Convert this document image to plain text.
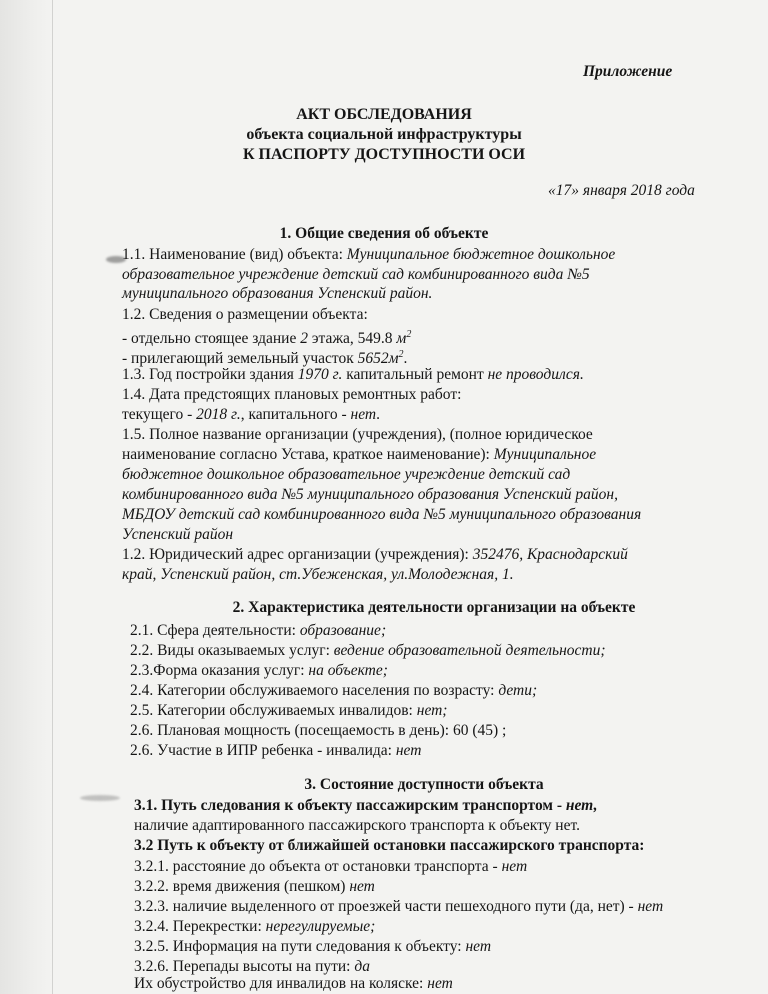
Приложение
АКТ ОБСЛЕДОВАНИЯ
объекта социальной инфраструктуры
К ПАСПОРТУ ДОСТУПНОСТИ ОСИ
«17» января 2018 года
1. Общие сведения об объекте
1.1. Наименование (вид) объекта: Муниципальное бюджетное дошкольное
образовательное учреждение детский сад комбинированного вида №5
муниципального образования Успенский район.
1.2. Сведения о размещении объекта:
- отдельно стоящее здание 2 этажа, 549.8 $м^2$
- прилегающий земельный участок $5652м^2$.
1.3. Год постройки здания 1970 г. капитальный ремонт не проводился.
1.4. Дата предстоящих плановых ремонтных работ:
текущего - 2018 г., капитального - нет.
1.5. Полное название организации (учреждения), (полное юридическое
наименование согласно Устава, краткое наименование): Муниципальное
бюджетное дошкольное образовательное учреждение детский сад
комбинированного вида №5 муниципального образования Успенский район,
МБДОУ детский сад комбинированного вида №5 муниципального образования
Успенский район
1.2. Юридический адрес организации (учреждения): 352476, Краснодарский
край, Успенский район, ст.Убеженская, ул.Молодежная, 1.
2. Характеристика деятельности организации на объекте
2.1. Сфера деятельности: образование;
2.2. Виды оказываемых услуг: ведение образовательной деятельности;
2.3.Форма оказания услуг: на объекте;
2.4. Категории обслуживаемого населения по возрасту: дети;
2.5. Категории обслуживаемых инвалидов: нет;
2.6. Плановая мощность (посещаемость в день): 60 (45) ;
2.6. Участие в ИПР ребенка - инвалида: нет
3. Состояние доступности объекта
3.1. Путь следования к объекту пассажирским транспортом - нет,
наличие адаптированного пассажирского транспорта к объекту нет.
3.2 Путь к объекту от ближайшей остановки пассажирского транспорта:
3.2.1. расстояние до объекта от остановки транспорта - нет
3.2.2. время движения (пешком) нет
3.2.3. наличие выделенного от проезжей части пешеходного пути (да, нет) - нет
3.2.4. Перекрестки: нерегулируемые;
3.2.5. Информация на пути следования к объекту: нет
3.2.6. Перепады высоты на пути: да
Их обустройство для инвалидов на коляске: нет
